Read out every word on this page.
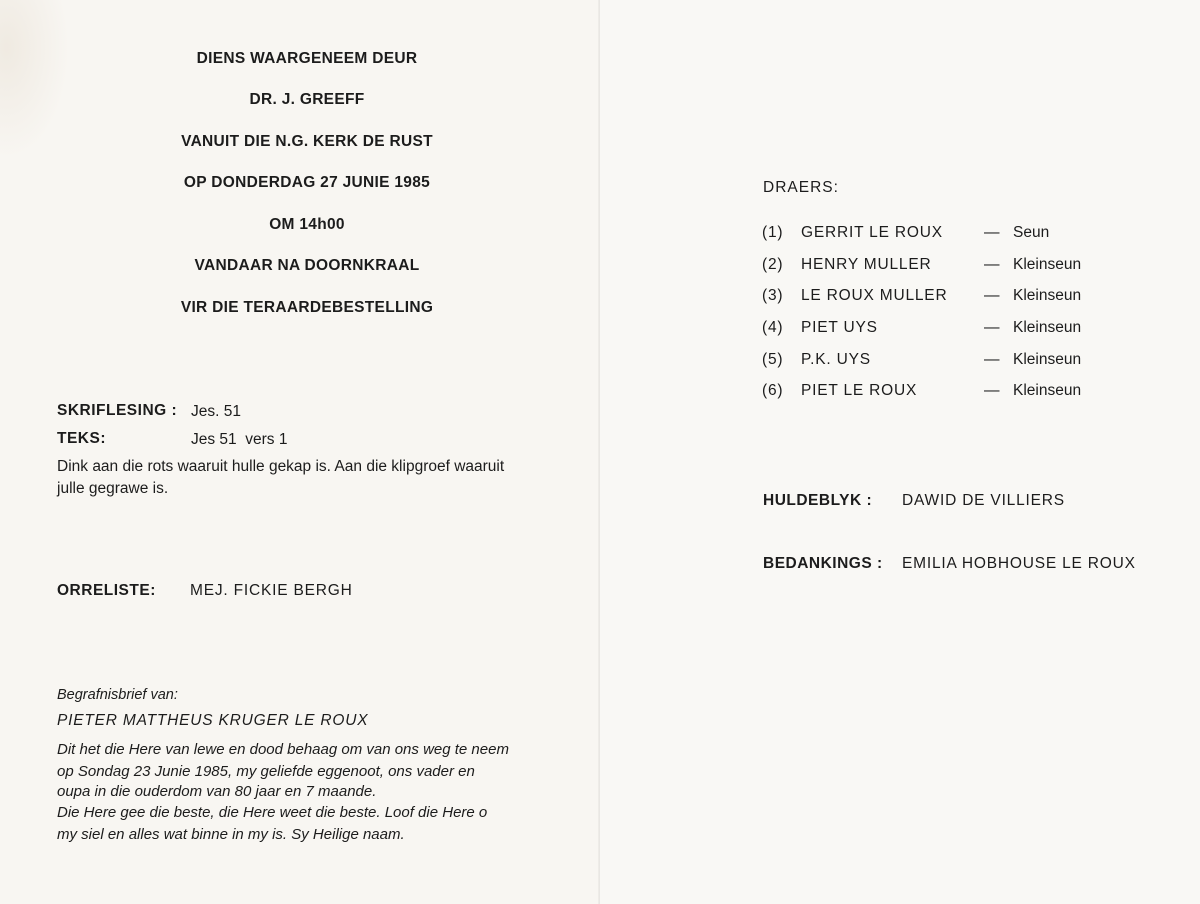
DIENS WAARGENEEM DEUR
DR. J. GREEFF
VANUIT DIE N.G. KERK DE RUST
OP DONDERDAG 27 JUNIE 1985
OM 14h00
VANDAAR NA DOORNKRAAL
VIR DIE TERAARDEBESTELLING
SKRIFLESING : Jes. 51
TEKS:	Jes 51  vers 1
Dink aan die rots waaruit hulle gekap is. Aan die klipgroef waaruit
julle gegrawe is.
ORRELISTE: MEJ. FICKIE BERGH
Begrafnisbrief van:
PIETER MATTHEUS KRUGER LE ROUX
Dit het die Here van lewe en dood behaag om van ons weg te neem
op Sondag 23 Junie 1985, my geliefde eggenoot, ons vader en
oupa in die ouderdom van 80 jaar en 7 maande.
Die Here gee die beste, die Here weet die beste. Loof die Here o
my siel en alles wat binne in my is. Sy Heilige naam.
DRAERS:
(1) GERRIT LE ROUX	— Seun
(2) HENRY MULLER	— Kleinseun
(3) LE ROUX MULLER — Kleinseun
(4) PIET UYS	— Kleinseun
(5) P.K. UYS	— Kleinseun
(6) PIET LE ROUX	— Kleinseun
HULDEBLYK : DAWID DE VILLIERS
BEDANKINGS : EMILIA HOBHOUSE LE ROUX
